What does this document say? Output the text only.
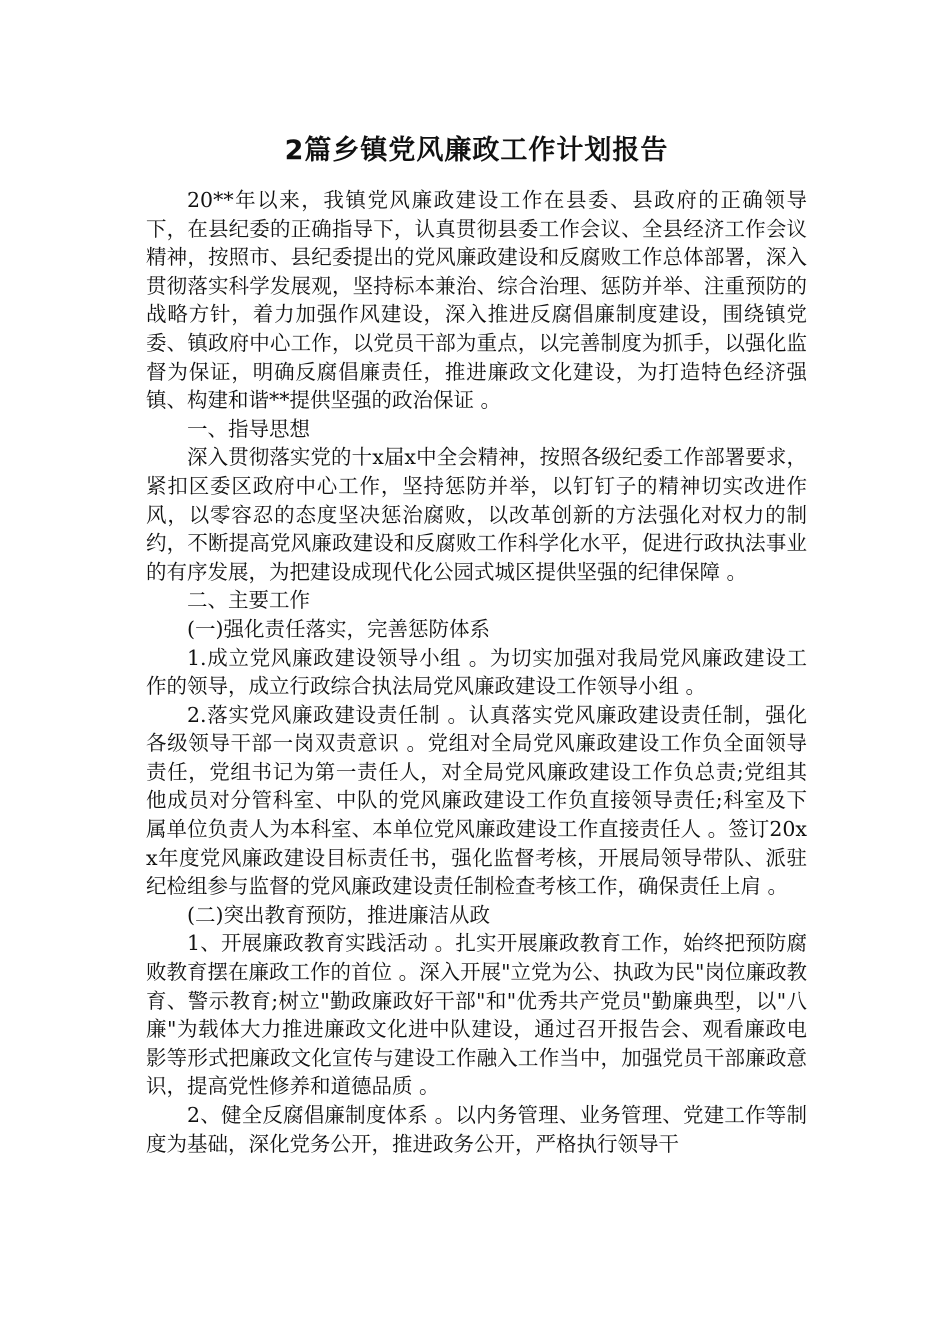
2篇乡镇党风廉政工作计划报告

20**年以来，我镇党风廉政建设工作在县委、县政府的正确领导下，在县纪委的正确指导下，认真贯彻县委工作会议、全县经济工作会议精神，按照市、县纪委提出的党风廉政建设和反腐败工作总体部署，深入贯彻落实科学发展观，坚持标本兼治、综合治理、惩防并举、注重预防的战略方针，着力加强作风建设，深入推进反腐倡廉制度建设，围绕镇党委、镇政府中心工作，以党员干部为重点，以完善制度为抓手，以强化监督为保证，明确反腐倡廉责任，推进廉政文化建设，为打造特色经济强镇、构建和谐**提供坚强的政治保证 。

一、指导思想

深入贯彻落实党的十x届x中全会精神，按照各级纪委工作部署要求，紧扣区委区政府中心工作，坚持惩防并举，以钉钉子的精神切实改进作风，以零容忍的态度坚决惩治腐败，以改革创新的方法强化对权力的制约，不断提高党风廉政建设和反腐败工作科学化水平，促进行政执法事业的有序发展，为把建设成现代化公园式城区提供坚强的纪律保障 。

二、主要工作

(一)强化责任落实，完善惩防体系

1.成立党风廉政建设领导小组 。为切实加强对我局党风廉政建设工作的领导，成立行政综合执法局党风廉政建设工作领导小组 。

2.落实党风廉政建设责任制 。认真落实党风廉政建设责任制，强化各级领导干部一岗双责意识 。党组对全局党风廉政建设工作负全面领导责任，党组书记为第一责任人，对全局党风廉政建设工作负总责;党组其他成员对分管科室、中队的党风廉政建设工作负直接领导责任;科室及下属单位负责人为本科室、本单位党风廉政建设工作直接责任人 。签订20xx年度党风廉政建设目标责任书，强化监督考核，开展局领导带队、派驻纪检组参与监督的党风廉政建设责任制检查考核工作，确保责任上肩 。

(二)突出教育预防，推进廉洁从政

1、开展廉政教育实践活动 。扎实开展廉政教育工作，始终把预防腐败教育摆在廉政工作的首位 。深入开展"立党为公、执政为民"岗位廉政教育、警示教育;树立"勤政廉政好干部"和"优秀共产党员"勤廉典型，以"八廉"为载体大力推进廉政文化进中队建设，通过召开报告会、观看廉政电影等形式把廉政文化宣传与建设工作融入工作当中，加强党员干部廉政意识，提高党性修养和道德品质 。

2、健全反腐倡廉制度体系 。以内务管理、业务管理、党建工作等制度为基础，深化党务公开，推进政务公开，严格执行领导干
